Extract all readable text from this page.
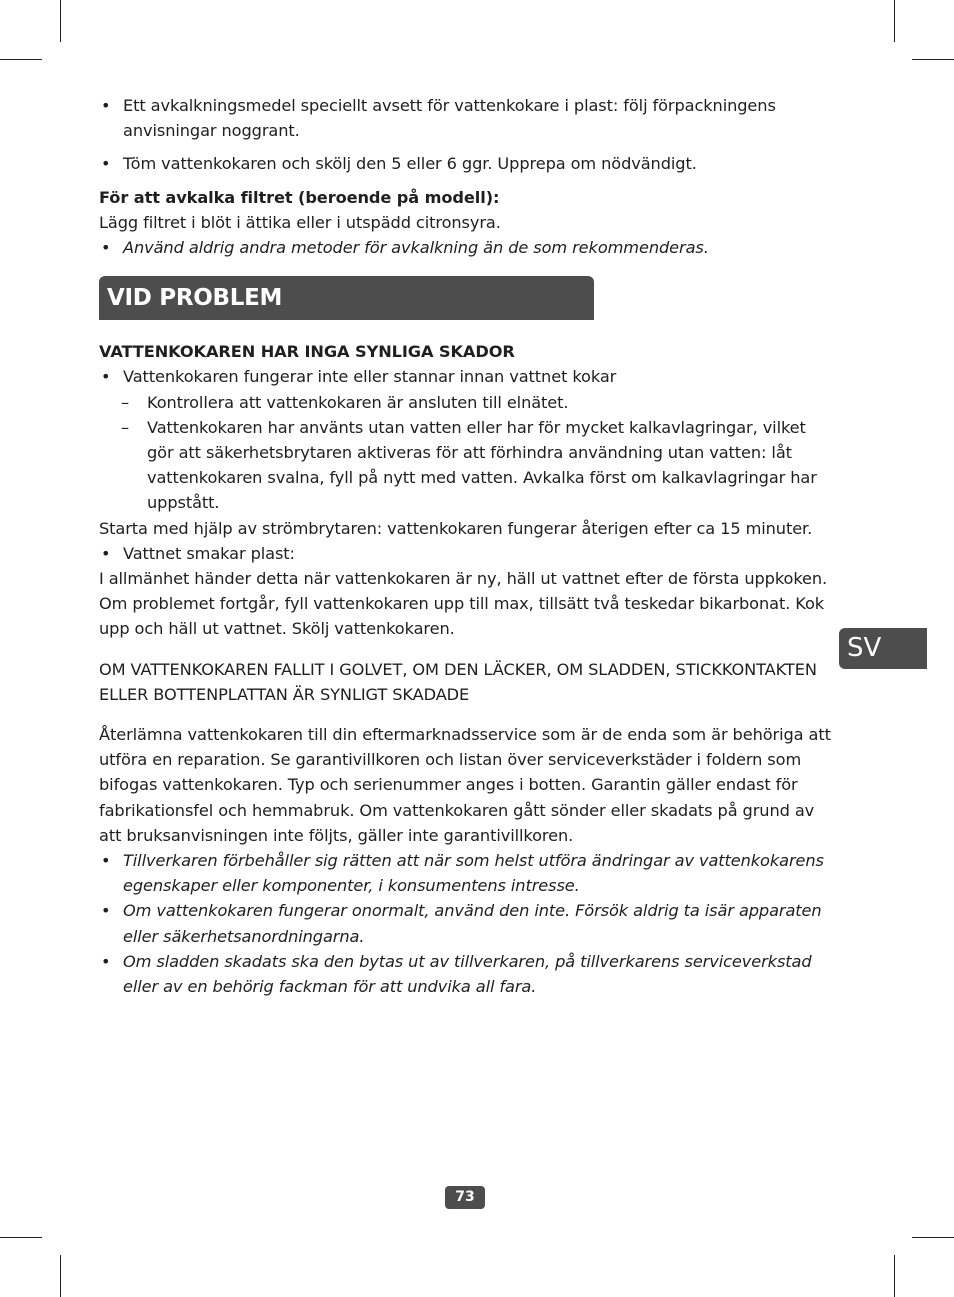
• Ett avkalkningsmedel speciellt avsett för vattenkokare i plast: följ förpackningens anvisningar noggrant.
• Töm vattenkokaren och skölj den 5 eller 6 ggr. Upprepa om nödvändigt.
För att avkalka filtret (beroende på modell):
Lägg filtret i blöt i ättika eller i utspädd citronsyra.
• Använd aldrig andra metoder för avkalkning än de som rekommenderas.
VID PROBLEM
VATTENKOKAREN HAR INGA SYNLIGA SKADOR
• Vattenkokaren fungerar inte eller stannar innan vattnet kokar
– Kontrollera att vattenkokaren är ansluten till elnätet.
– Vattenkokaren har använts utan vatten eller har för mycket kalkavlagringar, vilket gör att säkerhetsbrytaren aktiveras för att förhindra användning utan vatten: låt vattenkokaren svalna, fyll på nytt med vatten. Avkalka först om kalkavlagringar har uppstått.
Starta med hjälp av strömbrytaren: vattenkokaren fungerar återigen efter ca 15 minuter.
• Vattnet smakar plast:
I allmänhet händer detta när vattenkokaren är ny, häll ut vattnet efter de första uppkoken. Om problemet fortgår, fyll vattenkokaren upp till max, tillsätt två teskedar bikarbonat. Kok upp och häll ut vattnet. Skölj vattenkokaren.
OM VATTENKOKAREN FALLIT I GOLVET, OM DEN LÄCKER, OM SLADDEN, STICKKONTAKTEN ELLER BOTTENPLATTAN ÄR SYNLIGT SKADADE
Återlämna vattenkokaren till din eftermarknadsservice som är de enda som är behöriga att utföra en reparation. Se garantivillkoren och listan över serviceverkstäder i foldern som bifogas vattenkokaren. Typ och serienummer anges i botten. Garantin gäller endast för fabrikationsfel och hemmabruk. Om vattenkokaren gått sönder eller skadats på grund av att bruksanvisningen inte följts, gäller inte garantivillkoren.
• Tillverkaren förbehåller sig rätten att när som helst utföra ändringar av vattenkokarens egenskaper eller komponenter, i konsumentens intresse.
• Om vattenkokaren fungerar onormalt, använd den inte. Försök aldrig ta isär apparaten eller säkerhetsanordningarna.
• Om sladden skadats ska den bytas ut av tillverkaren, på tillverkarens serviceverkstad eller av en behörig fackman för att undvika all fara.
SV
73
